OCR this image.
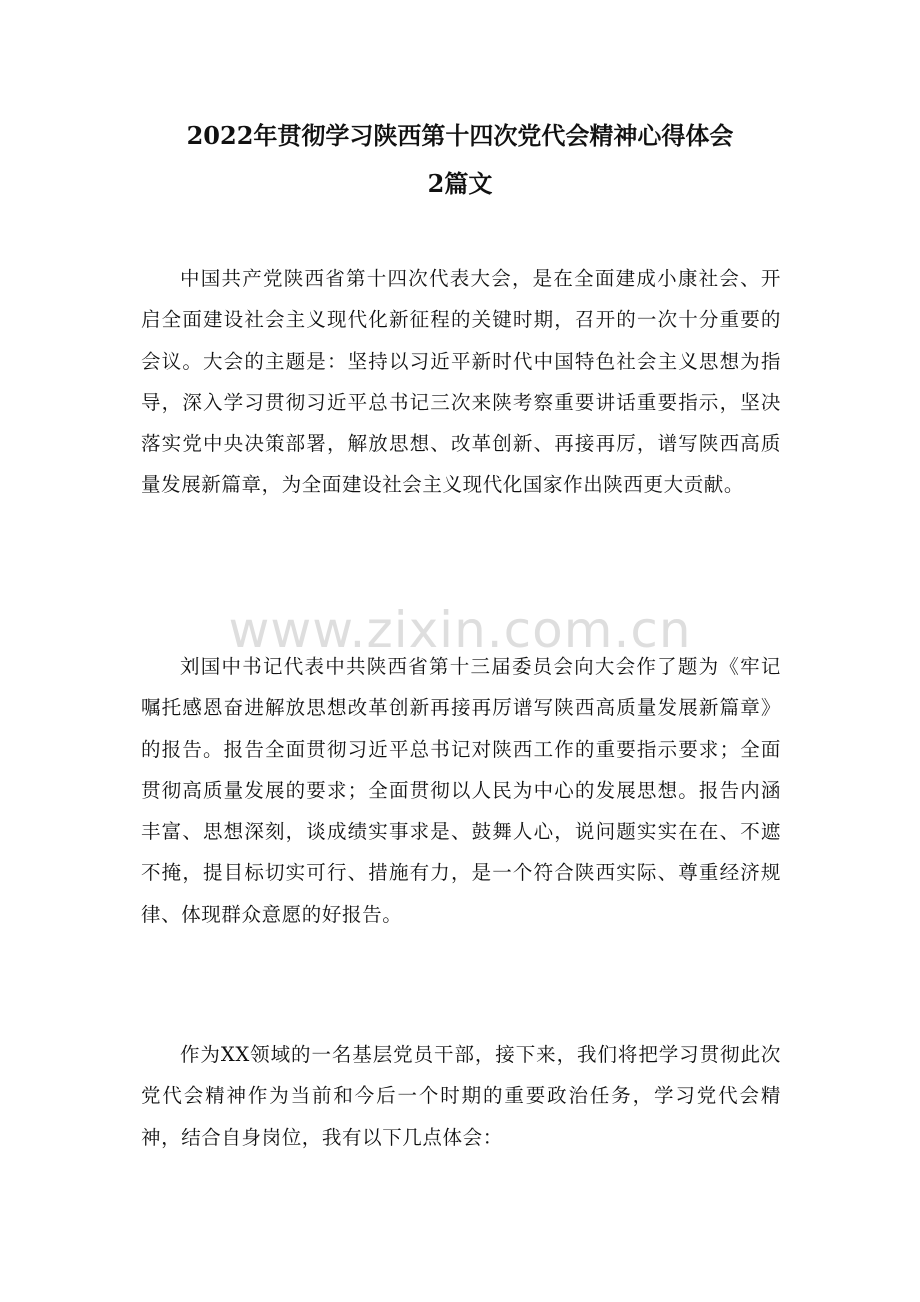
2022年贯彻学习陕西第十四次党代会精神心得体会
2篇文

中国共产党陕西省第十四次代表大会，是在全面建成小康社会、开启全面建设社会主义现代化新征程的关键时期，召开的一次十分重要的会议。大会的主题是：坚持以习近平新时代中国特色社会主义思想为指导，深入学习贯彻习近平总书记三次来陕考察重要讲话重要指示，坚决落实党中央决策部署，解放思想、改革创新、再接再厉，谱写陕西高质量发展新篇章，为全面建设社会主义现代化国家作出陕西更大贡献。

www.zixin.com.cn

刘国中书记代表中共陕西省第十三届委员会向大会作了题为《牢记嘱托感恩奋进解放思想改革创新再接再厉谱写陕西高质量发展新篇章》的报告。报告全面贯彻习近平总书记对陕西工作的重要指示要求；全面贯彻高质量发展的要求；全面贯彻以人民为中心的发展思想。报告内涵丰富、思想深刻，谈成绩实事求是、鼓舞人心，说问题实实在在、不遮不掩，提目标切实可行、措施有力，是一个符合陕西实际、尊重经济规律、体现群众意愿的好报告。

作为XX领域的一名基层党员干部，接下来，我们将把学习贯彻此次党代会精神作为当前和今后一个时期的重要政治任务，学习党代会精神，结合自身岗位，我有以下几点体会：
